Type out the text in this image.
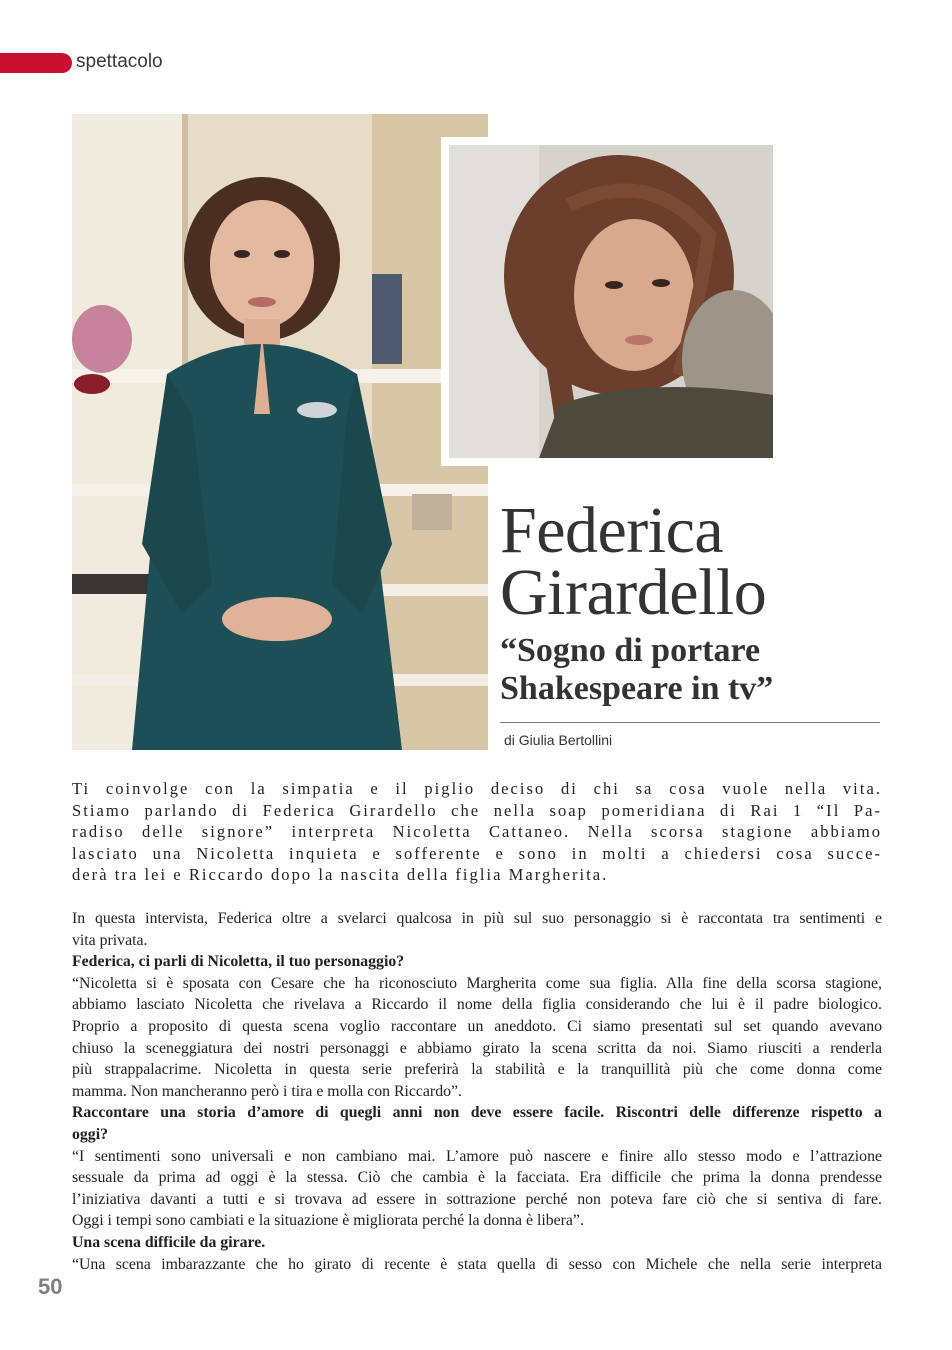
spettacolo
Federica
Girardello
“Sogno di portare
Shakespeare in tv”
di Giulia Bertollini

Ti coinvolge con la simpatia e il piglio deciso di chi sa cosa vuole nella vita.
Stiamo parlando di Federica Girardello che nella soap pomeridiana di Rai 1 “Il Pa-
radiso delle signore” interpreta Nicoletta Cattaneo. Nella scorsa stagione abbiamo
lasciato una Nicoletta inquieta e sofferente e sono in molti a chiedersi cosa succe-
derà tra lei e Riccardo dopo la nascita della figlia Margherita.

In questa intervista, Federica oltre a svelarci qualcosa in più sul suo personaggio si è raccontata tra sentimenti e
vita privata.
Federica, ci parli di Nicoletta, il tuo personaggio?
“Nicoletta si è sposata con Cesare che ha riconosciuto Margherita come sua figlia. Alla fine della scorsa stagione,
abbiamo lasciato Nicoletta che rivelava a Riccardo il nome della figlia considerando che lui è il padre biologico.
Proprio a proposito di questa scena voglio raccontare un aneddoto. Ci siamo presentati sul set quando avevano
chiuso la sceneggiatura dei nostri personaggi e abbiamo girato la scena scritta da noi. Siamo riusciti a renderla
più strappalacrime. Nicoletta in questa serie preferirà la stabilità e la tranquillità più che come donna come
mamma. Non mancheranno però i tira e molla con Riccardo”.
Raccontare una storia d’amore di quegli anni non deve essere facile. Riscontri delle differenze rispetto a
oggi?
“I sentimenti sono universali e non cambiano mai. L’amore può nascere e finire allo stesso modo e l’attrazione
sessuale da prima ad oggi è la stessa. Ciò che cambia è la facciata. Era difficile che prima la donna prendesse
l’iniziativa davanti a tutti e si trovava ad essere in sottrazione perché non poteva fare ciò che si sentiva di fare.
Oggi i tempi sono cambiati e la situazione è migliorata perché la donna è libera”.
Una scena difficile da girare.
“Una scena imbarazzante che ho girato di recente è stata quella di sesso con Michele che nella serie interpreta
50
